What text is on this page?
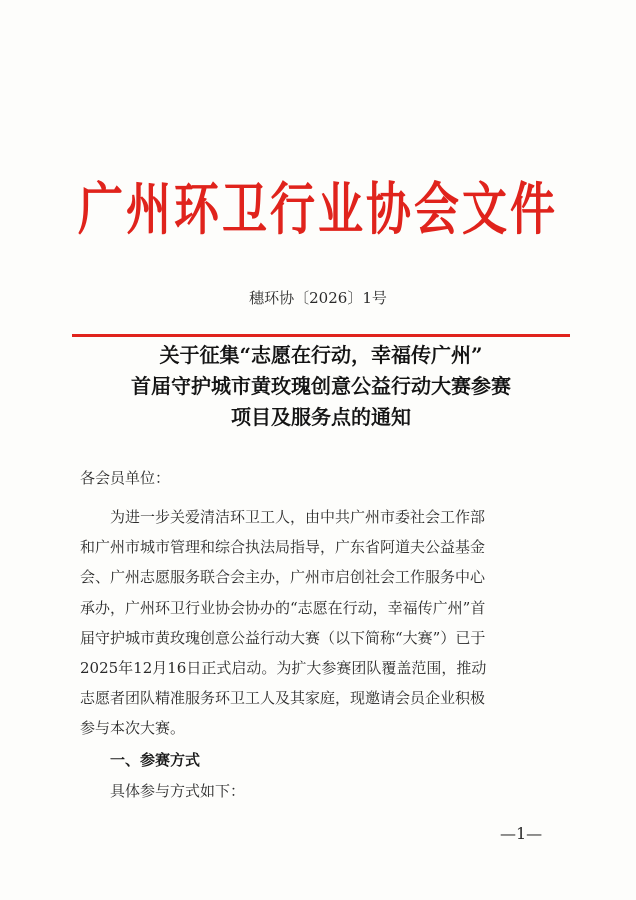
广州环卫行业协会文件
穗环协〔2026〕1号
关于征集“志愿在行动，幸福传广州”
首届守护城市黄玫瑰创意公益行动大赛参赛
项目及服务点的通知
各会员单位：
为进一步关爱清洁环卫工人，由中共广州市委社会工作部
和广州市城市管理和综合执法局指导，广东省阿道夫公益基金
会、广州志愿服务联合会主办，广州市启创社会工作服务中心
承办，广州环卫行业协会协办的“志愿在行动，幸福传广州”首
届守护城市黄玫瑰创意公益行动大赛（以下简称“大赛”）已于
2025年12月16日正式启动。为扩大参赛团队覆盖范围，推动
志愿者团队精准服务环卫工人及其家庭，现邀请会员企业积极
参与本次大赛。
一、参赛方式
具体参与方式如下：
—1—
